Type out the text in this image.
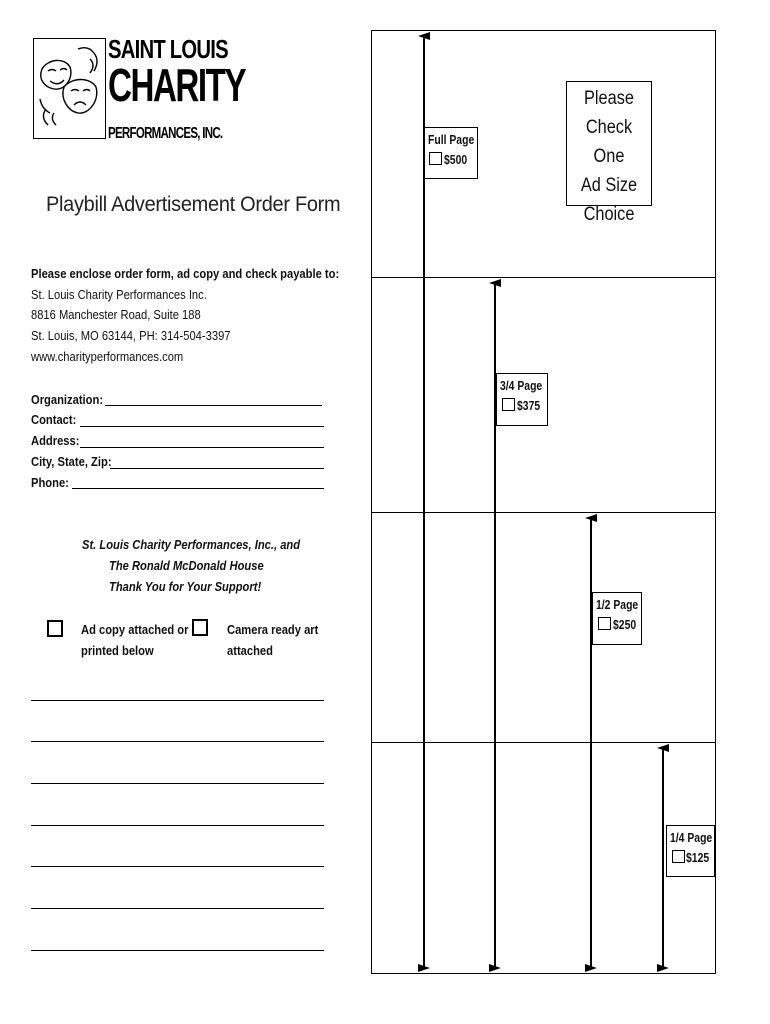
SAINT LOUIS
CHARITY
PERFORMANCES, INC.
Playbill Advertisement Order Form
Please enclose order form, ad copy and check payable to:
St. Louis Charity Performances Inc.
8816 Manchester Road, Suite 188
St. Louis, MO 63144, PH: 314-504-3397
www.charityperformances.com
Organization:
Contact:
Address:
City, State, Zip:
Phone:
St. Louis Charity Performances, Inc., and
The Ronald McDonald House
Thank You for Your Support!
Ad copy attached or
printed below
Camera ready art
attached
Please
Check One
Ad Size
Choice
Full Page
$500
3/4 Page
$375
1/2 Page
$250
1/4 Page
$125
